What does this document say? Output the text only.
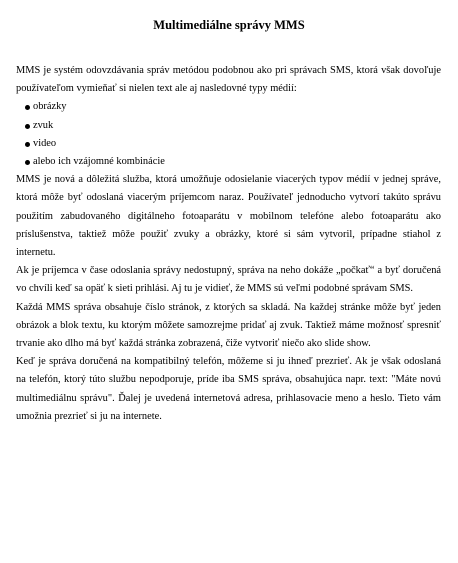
Multimediálne správy MMS

MMS je systém odovzdávania správ metódou podobnou ako pri správach SMS, ktorá však dovoľuje používateľom vymieňať si nielen text ale aj nasledovné typy médií:

obrázky
zvuk
video
alebo ich vzájomné kombinácie

MMS je nová a dôležitá služba, ktorá umožňuje odosielanie viacerých typov médií v jednej správe, ktorá môže byť odoslaná viacerým príjemcom naraz. Používateľ jednoducho vytvorí takúto správu použitím zabudovaného digitálneho fotoaparátu v mobilnom telefóne alebo fotoaparátu ako príslušenstva, taktiež môže použiť zvuky a obrázky, ktoré si sám vytvoril, prípadne stiahol z internetu.

Ak je príjemca v čase odoslania správy nedostupný, správa na neho dokáže „počkať“ a byť doručená vo chvíli keď sa opäť k sieti prihlási. Aj tu je vidieť, že MMS sú veľmi podobné správam SMS.

Každá MMS správa obsahuje číslo stránok, z ktorých sa skladá. Na každej stránke môže byť jeden obrázok a blok textu, ku ktorým môžete samozrejme pridať aj zvuk. Taktiež máme možnosť spresniť trvanie ako dlho má byť každá stránka zobrazená, čiže vytvoriť niečo ako slide show.

Keď je správa doručená na kompatibilný telefón, môžeme si ju ihneď prezrieť. Ak je však odoslaná na telefón, ktorý túto službu nepodporuje, príde iba SMS správa, obsahujúca napr. text: "Máte novú multimediálnu správu". Ďalej je uvedená internetová adresa, prihlasovacie meno a heslo. Tieto vám umožnia prezrieť si ju na internete.
